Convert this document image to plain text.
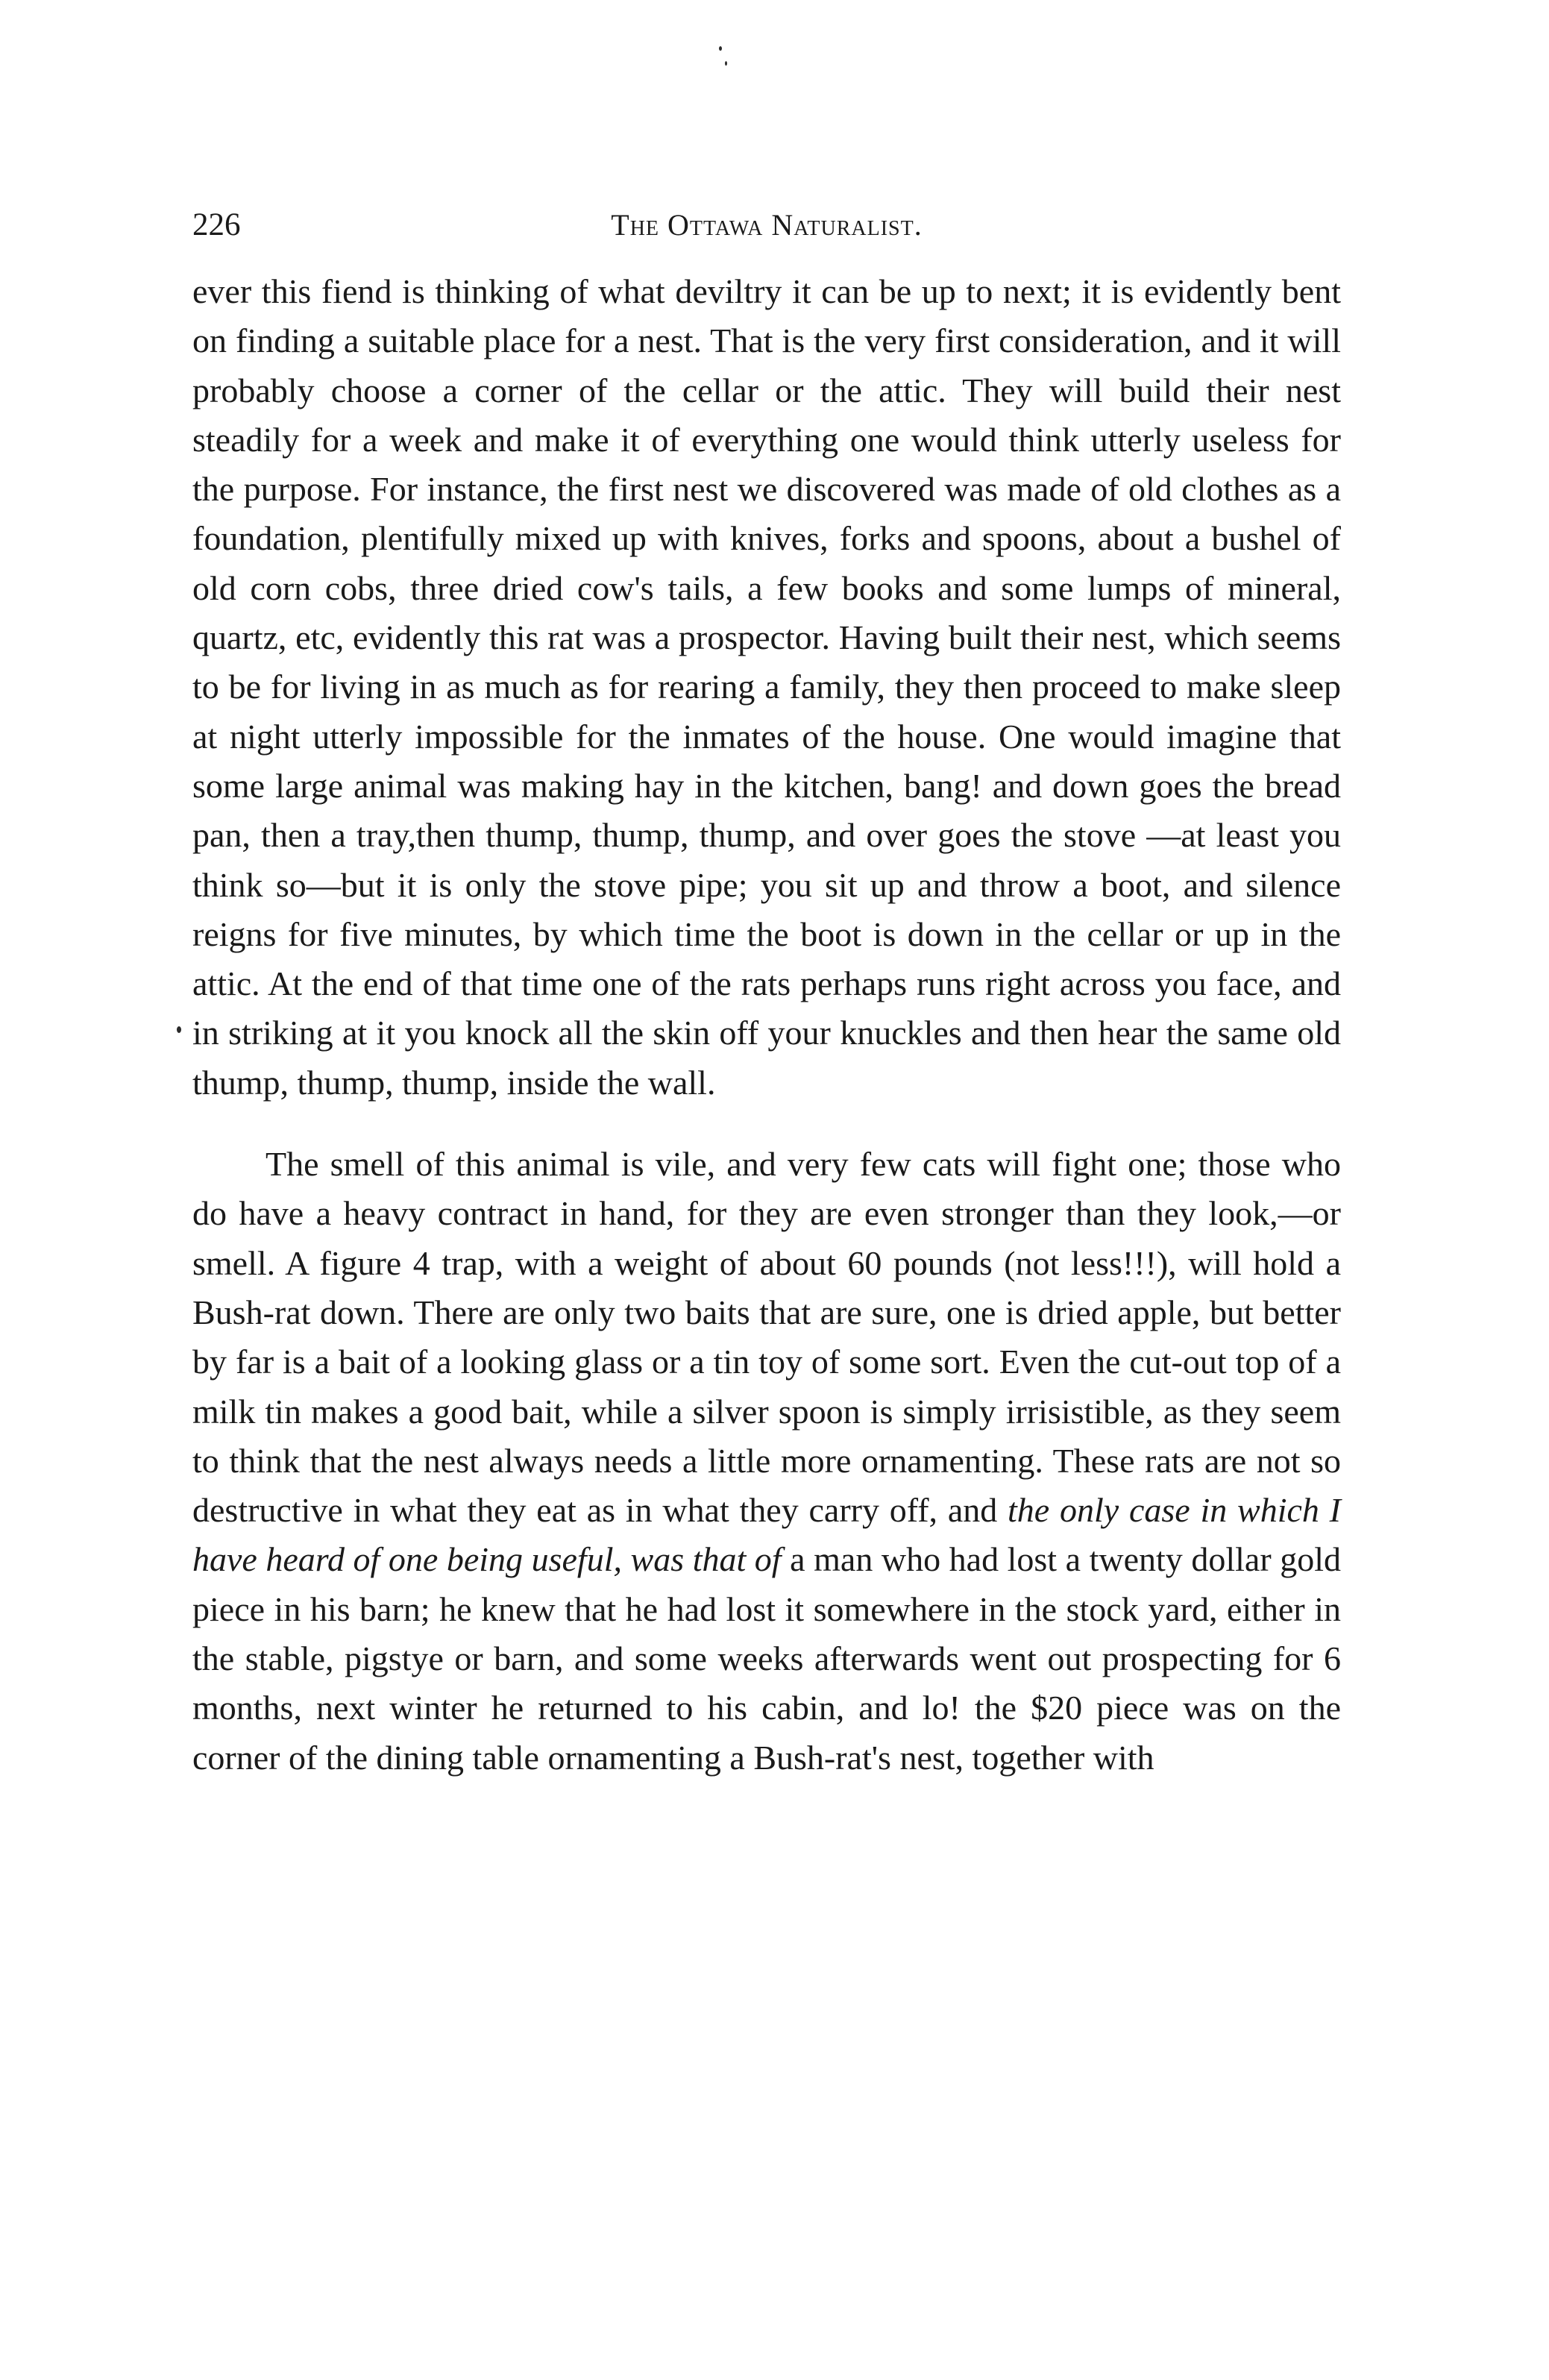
226	The Ottawa Naturalist.

ever this fiend is thinking of what deviltry it can be up to next; it is evidently bent on finding a suitable place for a nest. That is the very first consideration, and it will probably choose a corner of the cellar or the attic. They will build their nest steadily for a week and make it of everything one would think utterly useless for the purpose. For instance, the first nest we discovered was made of old clothes as a foundation, plentifully mixed up with knives, forks and spoons, about a bushel of old corn cobs, three dried cow's tails, a few books and some lumps of mineral, quartz, etc, evidently this rat was a prospector. Having built their nest, which seems to be for living in as much as for rearing a family, they then proceed to make sleep at night utterly impossible for the inmates of the house. One would imagine that some large animal was making hay in the kitchen, bang! and down goes the bread pan, then a tray,then thump, thump, thump, and over goes the stove —at least you think so—but it is only the stove pipe; you sit up and throw a boot, and silence reigns for five minutes, by which time the boot is down in the cellar or up in the attic. At the end of that time one of the rats perhaps runs right across you face, and in striking at it you knock all the skin off your knuckles and then hear the same old thump, thump, thump, inside the wall.

The smell of this animal is vile, and very few cats will fight one; those who do have a heavy contract in hand, for they are even stronger than they look,—or smell. A figure 4 trap, with a weight of about 60 pounds (not less!!!), will hold a Bush-rat down. There are only two baits that are sure, one is dried apple, but better by far is a bait of a looking glass or a tin toy of some sort. Even the cut-out top of a milk tin makes a good bait, while a silver spoon is simply irrisistible, as they seem to think that the nest always needs a little more ornamenting. These rats are not so destructive in what they eat as in what they carry off, and the only case in which I have heard of one being useful, was that of a man who had lost a twenty dollar gold piece in his barn; he knew that he had lost it somewhere in the stock yard, either in the stable, pigstye or barn, and some weeks afterwards went out prospecting for 6 months, next winter he returned to his cabin, and lo! the $20 piece was on the corner of the dining table ornamenting a Bush-rat's nest, together with
